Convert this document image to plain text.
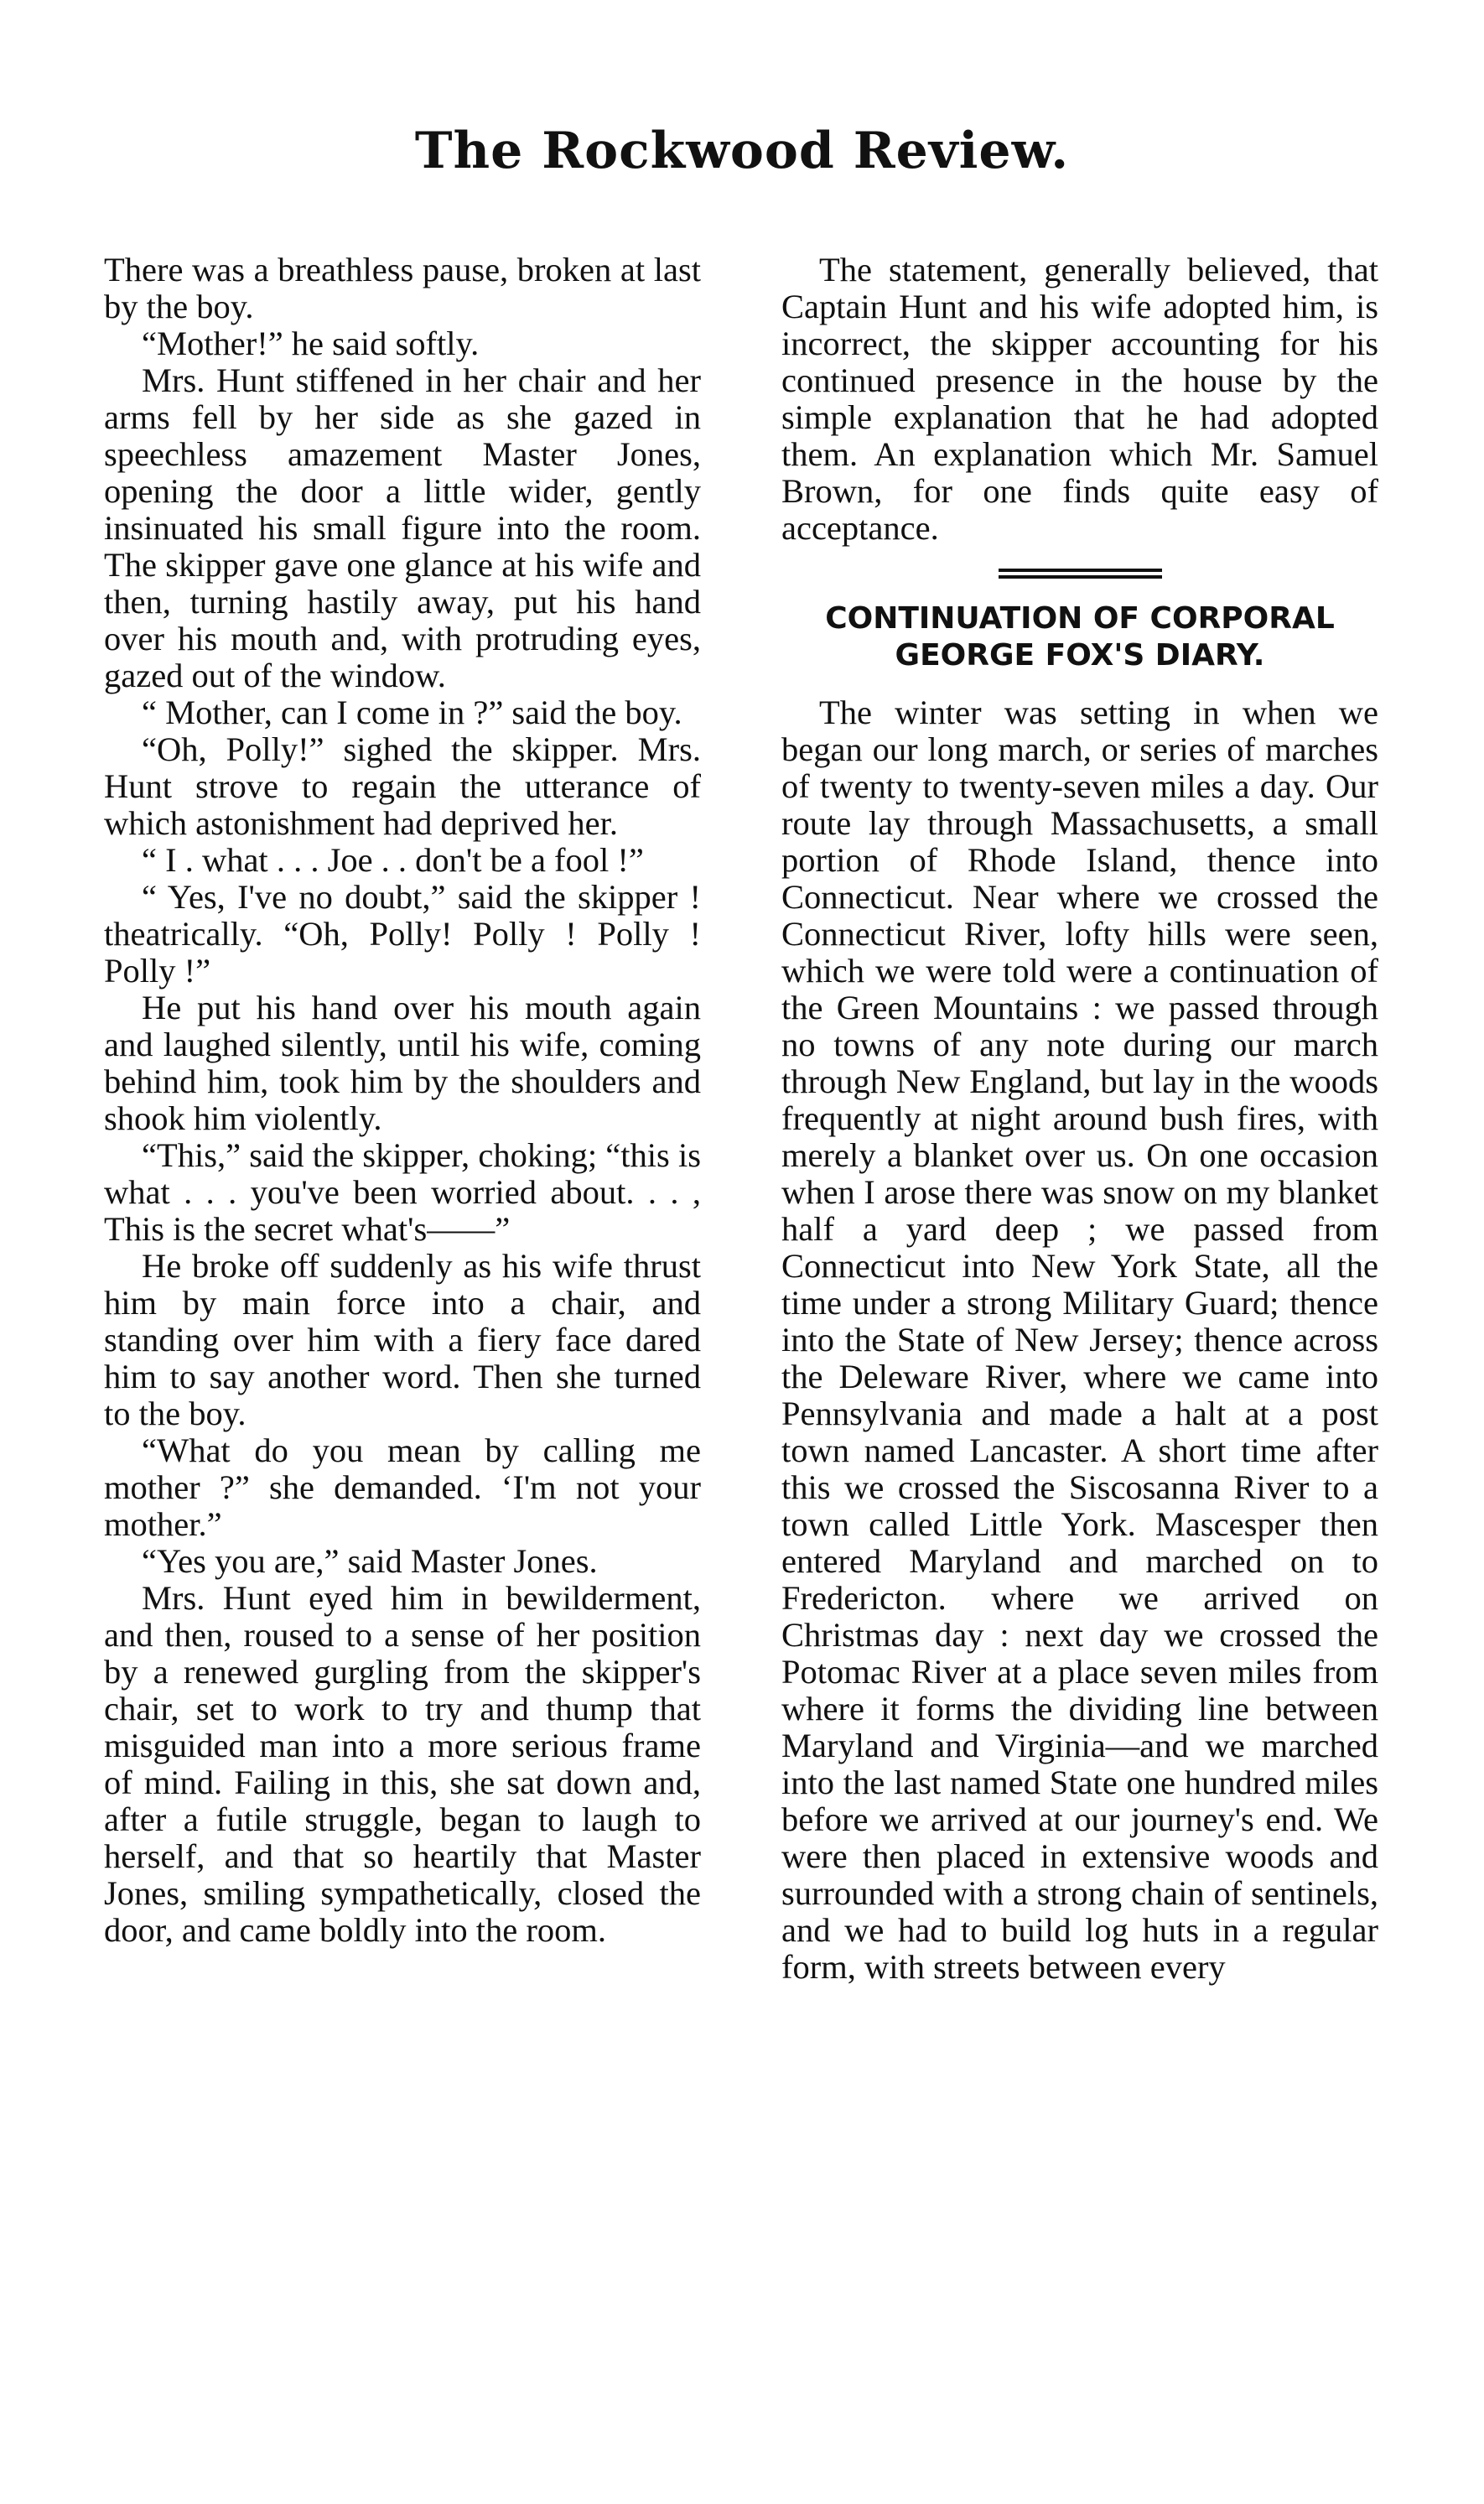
The Rockwood Review.

There was a breathless pause, broken at last by the boy.

“Mother!” he said softly.

Mrs. Hunt stiffened in her chair and her arms fell by her side as she gazed in speechless amazement Master Jones, opening the door a little wider, gently insinuated his small figure into the room. The skipper gave one glance at his wife and then, turning hastily away, put his hand over his mouth and, with protruding eyes, gazed out of the window.

“ Mother, can I come in ?” said the boy.

“Oh, Polly!” sighed the skipper. Mrs. Hunt strove to regain the utterance of which astonishment had deprived her.

“ I . what . . . Joe . . don't be a fool !”

“ Yes, I've no doubt,” said the skipper ! theatrically. “Oh, Polly! Polly ! Polly ! Polly !”

He put his hand over his mouth again and laughed silently, until his wife, coming behind him, took him by the shoulders and shook him violently.

“This,” said the skipper, choking; “this is what . . . you've been worried about. . . , This is the secret what's——”

He broke off suddenly as his wife thrust him by main force into a chair, and standing over him with a fiery face dared him to say another word. Then she turned to the boy.

“What do you mean by calling me mother ?” she demanded. ‘I'm not your mother.”

“Yes you are,” said Master Jones.

Mrs. Hunt eyed him in bewilderment, and then, roused to a sense of her position by a renewed gurgling from the skipper's chair, set to work to try and thump that misguided man into a more serious frame of mind. Failing in this, she sat down and, after a futile struggle, began to laugh to herself, and that so heartily that Master Jones, smiling sympathetically, closed the door, and came boldly into the room.

The statement, generally believed, that Captain Hunt and his wife adopted him, is incorrect, the skipper accounting for his continued presence in the house by the simple explanation that he had adopted them. An explanation which Mr. Samuel Brown, for one finds quite easy of acceptance.

CONTINUATION OF CORPORAL
GEORGE FOX'S DIARY.

The winter was setting in when we began our long march, or series of marches of twenty to twenty-seven miles a day. Our route lay through Massachusetts, a small portion of Rhode Island, thence into Connecticut. Near where we crossed the Connecticut River, lofty hills were seen, which we were told were a continuation of the Green Mountains : we passed through no towns of any note during our march through New England, but lay in the woods frequently at night around bush fires, with merely a blanket over us. On one occasion when I arose there was snow on my blanket half a yard deep ; we passed from Connecticut into New York State, all the time under a strong Military Guard; thence into the State of New Jersey; thence across the Deleware River, where we came into Pennsylvania and made a halt at a post town named Lancaster. A short time after this we crossed the Siscosanna River to a town called Little York. Mascesper then entered Maryland and marched on to Fredericton. where we arrived on Christmas day : next day we crossed the Potomac River at a place seven miles from where it forms the dividing line between Maryland and Virginia—and we marched into the last named State one hundred miles before we arrived at our journey's end. We were then placed in extensive woods and surrounded with a strong chain of sentinels, and we had to build log huts in a regular form, with streets between every
